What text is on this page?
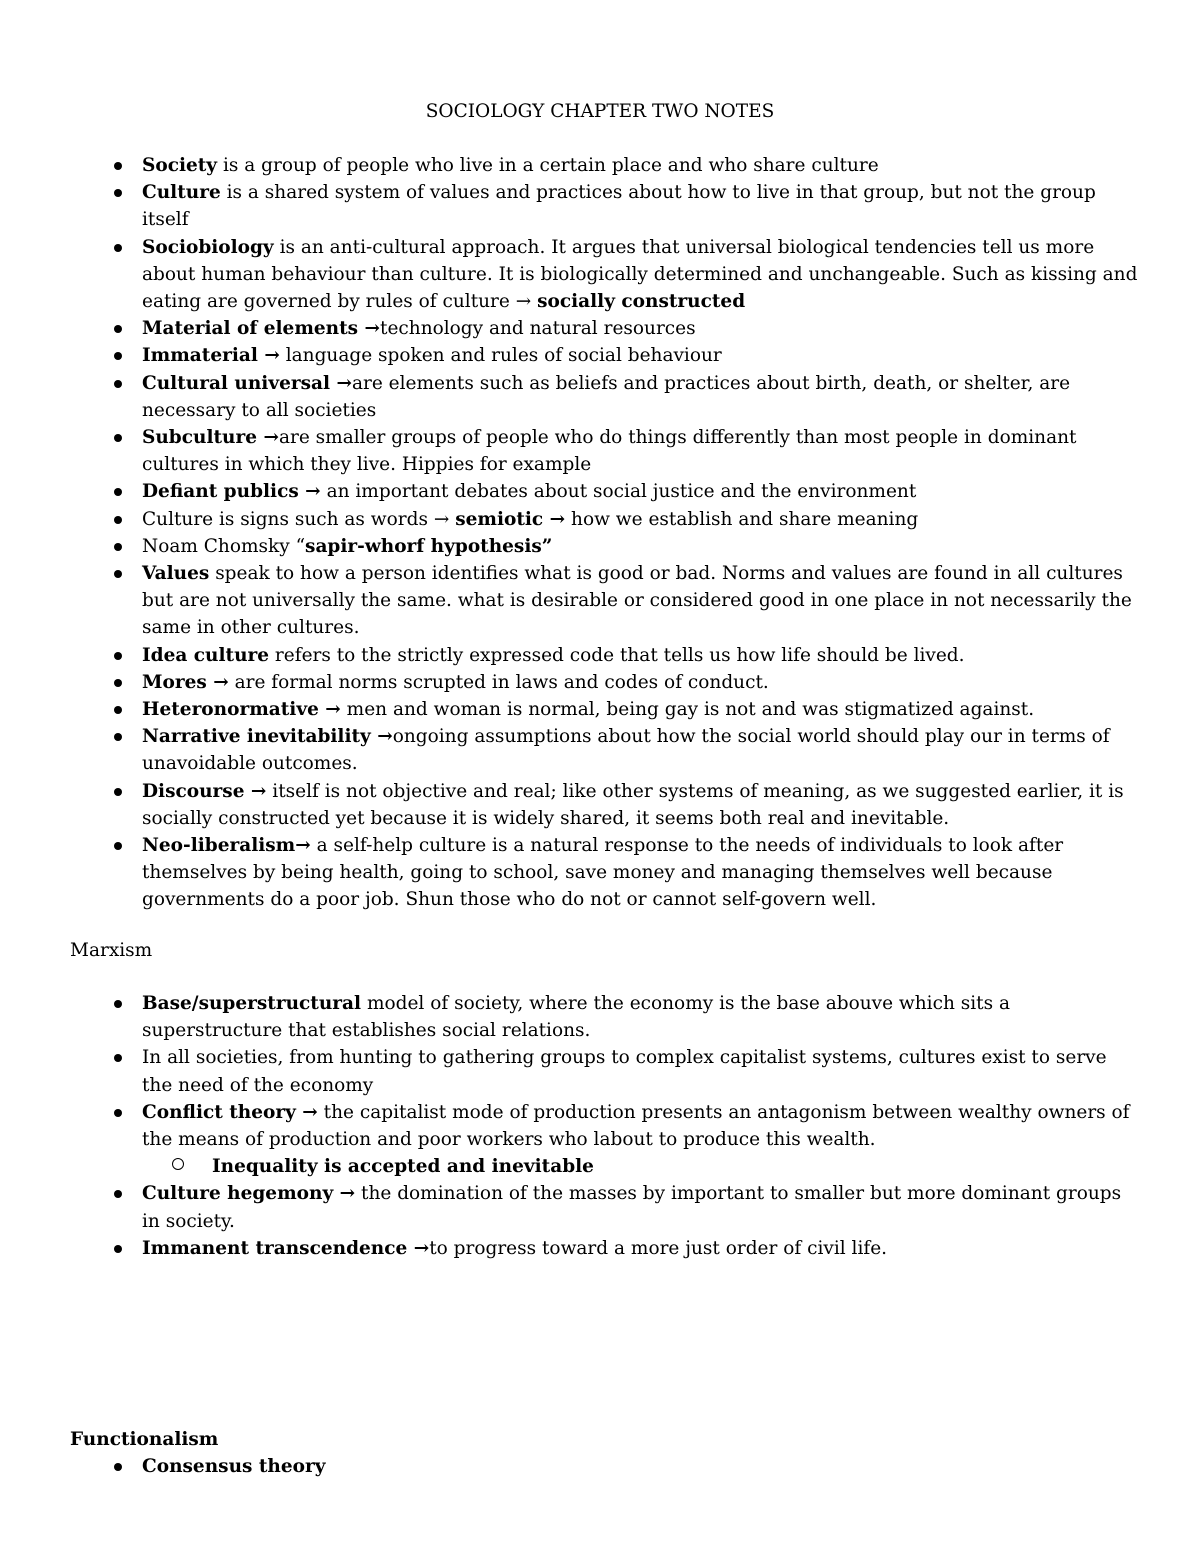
SOCIOLOGY CHAPTER TWO NOTES
Society is a group of people who live in a certain place and who share culture
Culture is a shared system of values and practices about how to live in that group, but not the group itself
Sociobiology is an anti-cultural approach. It argues that universal biological tendencies tell us more about human behaviour than culture. It is biologically determined and unchangeable. Such as kissing and eating are governed by rules of culture → socially constructed
Material of elements →technology and natural resources
Immaterial → language spoken and rules of social behaviour
Cultural universal →are elements such as beliefs and practices about birth, death, or shelter, are necessary to all societies
Subculture →are smaller groups of people who do things differently than most people in dominant cultures in which they live. Hippies for example
Defiant publics → an important debates about social justice and the environment
Culture is signs such as words → semiotic → how we establish and share meaning
Noam Chomsky “sapir-whorf hypothesis”
Values speak to how a person identifies what is good or bad. Norms and values are found in all cultures but are not universally the same. what is desirable or considered good in one place in not necessarily the same in other cultures.
Idea culture refers to the strictly expressed code that tells us how life should be lived.
Mores → are formal norms scrupted in laws and codes of conduct.
Heteronormative → men and woman is normal, being gay is not and was stigmatized against.
Narrative inevitability →ongoing assumptions about how the social world should play our in terms of unavoidable outcomes.
Discourse → itself is not objective and real; like other systems of meaning, as we suggested earlier, it is socially constructed yet because it is widely shared, it seems both real and inevitable.
Neo-liberalism→ a self-help culture is a natural response to the needs of individuals to look after themselves by being health, going to school, save money and managing themselves well because governments do a poor job. Shun those who do not or cannot self-govern well.
Marxism
Base/superstructural model of society, where the economy is the base abouve which sits a superstructure that establishes social relations.
In all societies, from hunting to gathering groups to complex capitalist systems, cultures exist to serve the need of the economy
Conflict theory → the capitalist mode of production presents an antagonism between wealthy owners of the means of production and poor workers who labout to produce this wealth.
Inequality is accepted and inevitable
Culture hegemony → the domination of the masses by important to smaller but more dominant groups in society.
Immanent transcendence →to progress toward a more just order of civil life.
Functionalism
Consensus theory
